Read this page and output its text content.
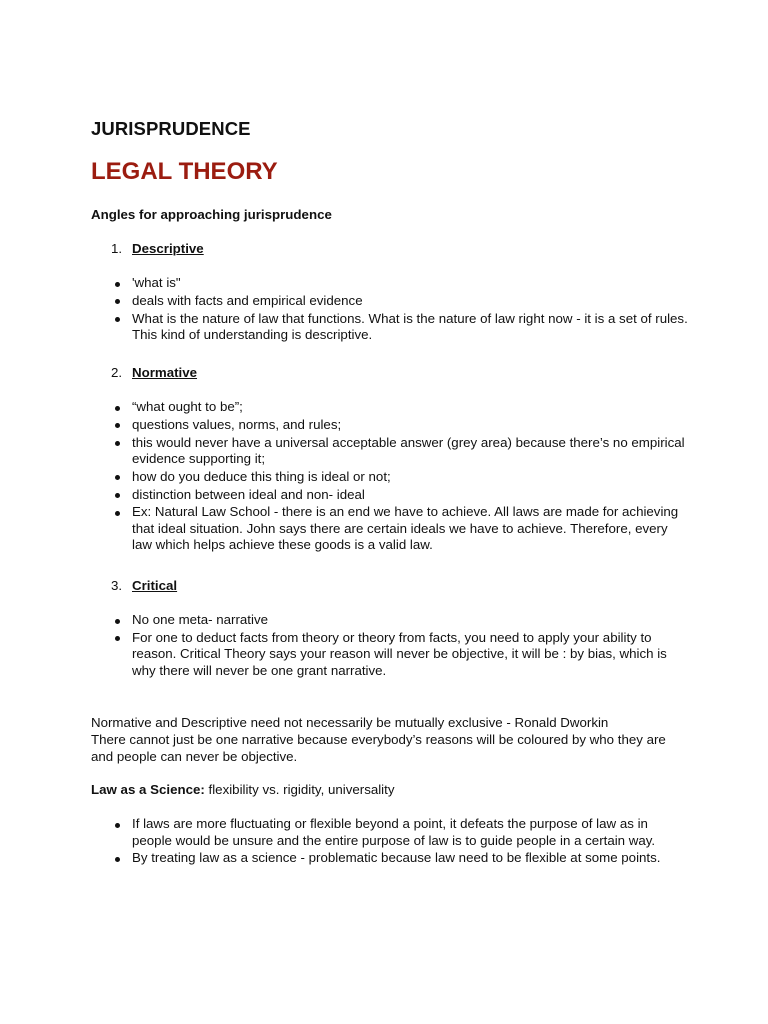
JURISPRUDENCE
LEGAL THEORY
Angles for approaching jurisprudence
1. Descriptive
'what is"
deals with facts and empirical evidence
What is the nature of law that functions. What is the nature of law right now - it is a set of rules. This kind of understanding is descriptive.
2. Normative
“what ought to be”;
questions values, norms, and rules;
this would never have a universal acceptable answer (grey area) because there’s no empirical evidence supporting it;
how do you deduce this thing is ideal or not;
distinction between ideal and non- ideal
Ex: Natural Law School - there is an end we have to achieve. All laws are made for achieving that ideal situation. John says there are certain ideals we have to achieve. Therefore, every law which helps achieve these goods is a valid law.
3. Critical
No one meta- narrative
For one to deduct facts from theory or theory from facts, you need to apply your ability to reason. Critical Theory says your reason will never be objective, it will be : by bias, which is why there will never be one grant narrative.

Normative and Descriptive need not necessarily be mutually exclusive - Ronald Dworkin

There cannot just be one narrative because everybody’s reasons will be coloured by who they are and people can never be objective.

Law as a Science: flexibility vs. rigidity, universality

If laws are more fluctuating or flexible beyond a point, it defeats the purpose of law as in people would be unsure and the entire purpose of law is to guide people in a certain way.
By treating law as a science - problematic because law need to be flexible at some points.
